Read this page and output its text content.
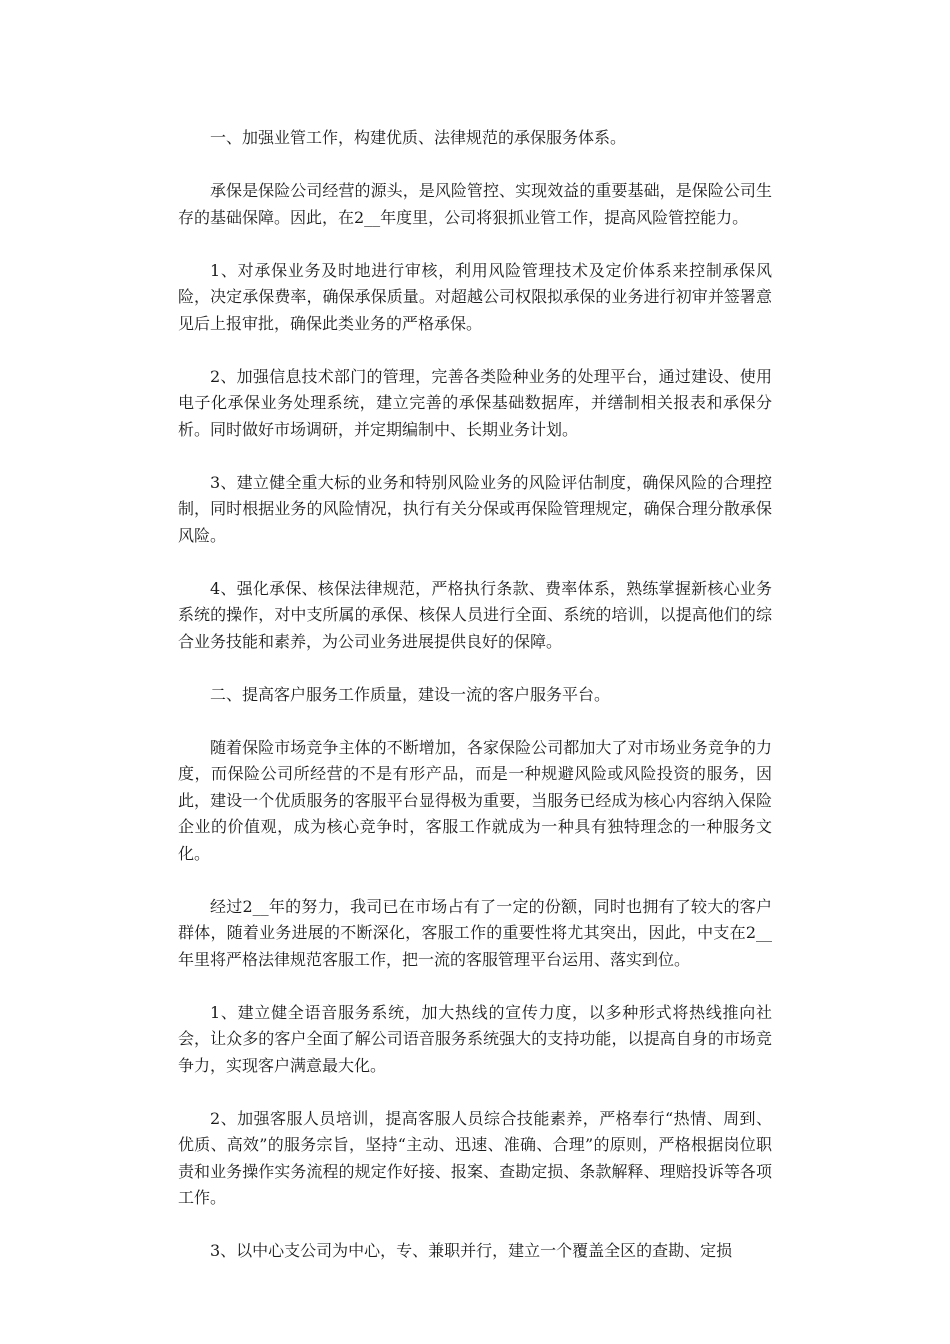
一、加强业管工作，构建优质、法律规范的承保服务体系。

承保是保险公司经营的源头，是风险管控、实现效益的重要基础，是保险公司生存的基础保障。因此，在2__年度里，公司将狠抓业管工作，提高风险管控能力。

1、对承保业务及时地进行审核，利用风险管理技术及定价体系来控制承保风险，决定承保费率，确保承保质量。对超越公司权限拟承保的业务进行初审并签署意见后上报审批，确保此类业务的严格承保。

2、加强信息技术部门的管理，完善各类险种业务的处理平台，通过建设、使用电子化承保业务处理系统，建立完善的承保基础数据库，并缮制相关报表和承保分析。同时做好市场调研，并定期编制中、长期业务计划。

3、建立健全重大标的业务和特别风险业务的风险评估制度，确保风险的合理控制，同时根据业务的风险情况，执行有关分保或再保险管理规定，确保合理分散承保风险。

4、强化承保、核保法律规范，严格执行条款、费率体系，熟练掌握新核心业务系统的操作，对中支所属的承保、核保人员进行全面、系统的培训，以提高他们的综合业务技能和素养，为公司业务进展提供良好的保障。

二、提高客户服务工作质量，建设一流的客户服务平台。

随着保险市场竞争主体的不断增加，各家保险公司都加大了对市场业务竞争的力度，而保险公司所经营的不是有形产品，而是一种规避风险或风险投资的服务，因此，建设一个优质服务的客服平台显得极为重要，当服务已经成为核心内容纳入保险企业的价值观，成为核心竞争时，客服工作就成为一种具有独特理念的一种服务文化。

经过2__年的努力，我司已在市场占有了一定的份额，同时也拥有了较大的客户群体，随着业务进展的不断深化，客服工作的重要性将尤其突出，因此，中支在2__年里将严格法律规范客服工作，把一流的客服管理平台运用、落实到位。

1、建立健全语音服务系统，加大热线的宣传力度，以多种形式将热线推向社会，让众多的客户全面了解公司语音服务系统强大的支持功能，以提高自身的市场竞争力，实现客户满意最大化。

2、加强客服人员培训，提高客服人员综合技能素养，严格奉行“热情、周到、优质、高效”的服务宗旨，坚持“主动、迅速、准确、合理”的原则，严格根据岗位职责和业务操作实务流程的规定作好接、报案、查勘定损、条款解释、理赔投诉等各项工作。

3、以中心支公司为中心，专、兼职并行，建立一个覆盖全区的查勘、定损
